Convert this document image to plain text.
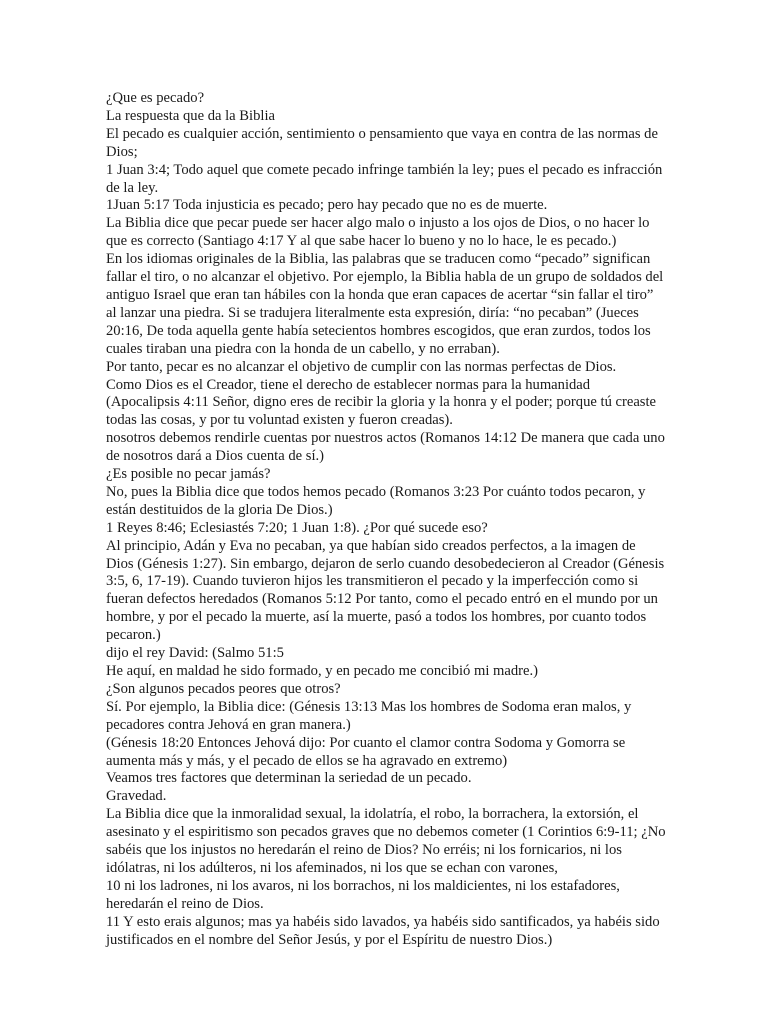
¿Que es pecado?
La respuesta que da la Biblia
El pecado es cualquier acción, sentimiento o pensamiento que vaya en contra de las normas de
Dios;
1 Juan 3:4; Todo aquel que comete pecado infringe también la ley; pues el pecado es infracción
de la ley.
1Juan 5:17 Toda injusticia es pecado; pero hay pecado que no es de muerte.
La Biblia dice que pecar puede ser hacer algo malo o injusto a los ojos de Dios, o no hacer lo
que es correcto (Santiago 4:17 Y al que sabe hacer lo bueno y no lo hace, le es pecado.)
En los idiomas originales de la Biblia, las palabras que se traducen como “pecado” significan
fallar el tiro, o no alcanzar el objetivo. Por ejemplo, la Biblia habla de un grupo de soldados del
antiguo Israel que eran tan hábiles con la honda que eran capaces de acertar “sin fallar el tiro”
al lanzar una piedra. Si se tradujera literalmente esta expresión, diría: “no pecaban” (Jueces
20:16, De toda aquella gente había setecientos hombres escogidos, que eran zurdos, todos los
cuales tiraban una piedra con la honda de un cabello, y no erraban).
Por tanto, pecar es no alcanzar el objetivo de cumplir con las normas perfectas de Dios.
Como Dios es el Creador, tiene el derecho de establecer normas para la humanidad
(Apocalipsis 4:11 Señor, digno eres de recibir la gloria y la honra y el poder; porque tú creaste
todas las cosas, y por tu voluntad existen y fueron creadas).
nosotros debemos rendirle cuentas por nuestros actos (Romanos 14:12 De manera que cada uno
de nosotros dará a Dios cuenta de sí.)
¿Es posible no pecar jamás?
No, pues la Biblia dice que todos hemos pecado (Romanos 3:23 Por cuánto todos pecaron, y
están destituidos de la gloria De Dios.)
1 Reyes 8:46; Eclesiastés 7:20; 1 Juan 1:8). ¿Por qué sucede eso?
Al principio, Adán y Eva no pecaban, ya que habían sido creados perfectos, a la imagen de
Dios (Génesis 1:27). Sin embargo, dejaron de serlo cuando desobedecieron al Creador (Génesis
3:5, 6, 17-19). Cuando tuvieron hijos les transmitieron el pecado y la imperfección como si
fueran defectos heredados (Romanos 5:12 Por tanto, como el pecado entró en el mundo por un
hombre, y por el pecado la muerte, así la muerte, pasó a todos los hombres, por cuanto todos
pecaron.)
dijo el rey David: (Salmo 51:5
He aquí, en maldad he sido formado, y en pecado me concibió mi madre.)
¿Son algunos pecados peores que otros?
Sí. Por ejemplo, la Biblia dice: (Génesis 13:13 Mas los hombres de Sodoma eran malos, y
pecadores contra Jehová en gran manera.)
(Génesis 18:20 Entonces Jehová dijo: Por cuanto el clamor contra Sodoma y Gomorra se
aumenta más y más, y el pecado de ellos se ha agravado en extremo)
Veamos tres factores que determinan la seriedad de un pecado.
Gravedad.
La Biblia dice que la inmoralidad sexual, la idolatría, el robo, la borrachera, la extorsión, el
asesinato y el espiritismo son pecados graves que no debemos cometer (1 Corintios 6:9-11; ¿No
sabéis que los injustos no heredarán el reino de Dios? No erréis; ni los fornicarios, ni los
idólatras, ni los adúlteros, ni los afeminados, ni los que se echan con varones,
10 ni los ladrones, ni los avaros, ni los borrachos, ni los maldicientes, ni los estafadores,
heredarán el reino de Dios.
11 Y esto erais algunos; mas ya habéis sido lavados, ya habéis sido santificados, ya habéis sido
justificados en el nombre del Señor Jesús, y por el Espíritu de nuestro Dios.)
